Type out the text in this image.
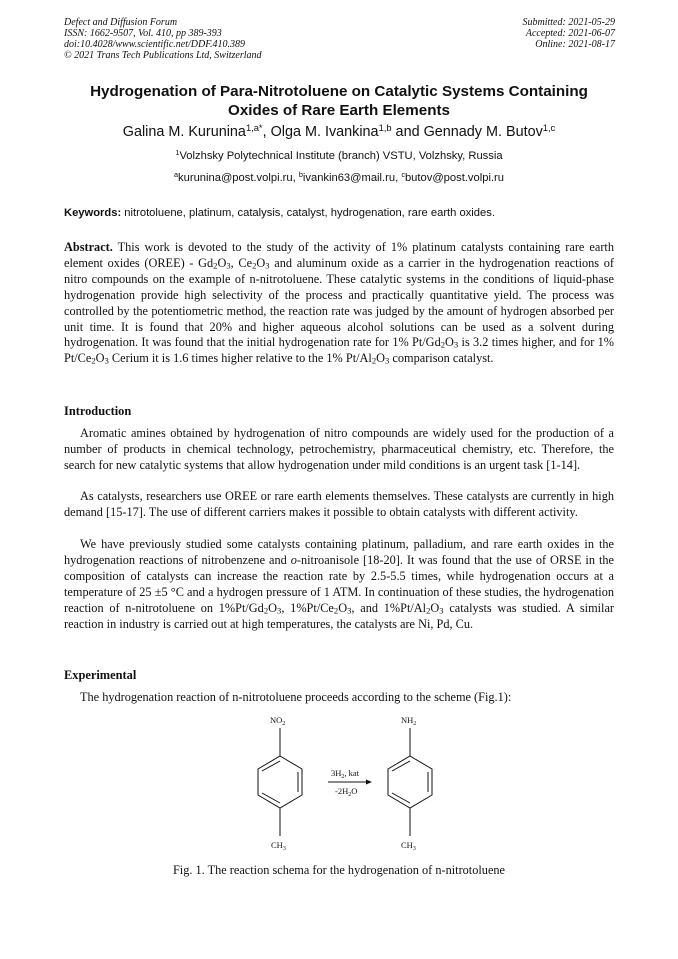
Defect and Diffusion Forum
ISSN: 1662-9507, Vol. 410, pp 389-393
doi:10.4028/www.scientific.net/DDF.410.389
© 2021 Trans Tech Publications Ltd, Switzerland
Submitted: 2021-05-29
Accepted: 2021-06-07
Online: 2021-08-17
Hydrogenation of Para-Nitrotoluene on Catalytic Systems Containing
Oxides of Rare Earth Elements
Galina M. Kurunina$^{1,a*}$, Olga M. Ivankina$^{1,b}$ and Gennady M. Butov$^{1,c}$
$^1$Volzhsky Polytechnical Institute (branch) VSTU, Volzhsky, Russia
$^a$kurunina@post.volpi.ru, $^b$ivankin63@mail.ru, $^c$butov@post.volpi.ru
Keywords: nitrotoluene, platinum, catalysis, catalyst, hydrogenation, rare earth oxides.
Abstract. This work is devoted to the study of the activity of 1% platinum catalysts containing rare earth element oxides (OREE) - $Gd_2O_3$, $Ce_2O_3$ and aluminum oxide as a carrier in the hydrogenation reactions of nitro compounds on the example of n-nitrotoluene. These catalytic systems in the conditions of liquid-phase hydrogenation provide high selectivity of the process and practically quantitative yield. The process was controlled by the potentiometric method, the reaction rate was judged by the amount of hydrogen absorbed per unit time. It is found that 20% and higher aqueous alcohol solutions can be used as a solvent during hydrogenation. It was found that the initial hydrogenation rate for 1% $Pt/Gd_2O_3$ is 3.2 times higher, and for 1% $Pt/Ce_2O_3$ Cerium it is 1.6 times higher relative to the 1% $Pt/Al_2O_3$ comparison catalyst.
Introduction
Aromatic amines obtained by hydrogenation of nitro compounds are widely used for the production of a number of products in chemical technology, petrochemistry, pharmaceutical chemistry, etc. Therefore, the search for new catalytic systems that allow hydrogenation under mild conditions is an urgent task [1-14].
As catalysts, researchers use OREE or rare earth elements themselves. These catalysts are currently in high demand [15-17]. The use of different carriers makes it possible to obtain catalysts with different activity.
We have previously studied some catalysts containing platinum, palladium, and rare earth oxides in the hydrogenation reactions of nitrobenzene and o-nitroanisole [18-20]. It was found that the use of ORSE in the composition of catalysts can increase the reaction rate by 2.5-5.5 times, while hydrogenation occurs at a temperature of 25 ±5 °C and a hydrogen pressure of 1 ATM. In continuation of these studies, the hydrogenation reaction of n-nitrotoluene on $1\%Pt/Gd_2O_3$, $1\%Pt/Ce_2O_3$, and $1\%Pt/Al_2O_3$ catalysts was studied. A similar reaction in industry is carried out at high temperatures, the catalysts are Ni, Pd, Cu.
Experimental
The hydrogenation reaction of n-nitrotoluene proceeds according to the scheme (Fig.1):
$NO_2$
$CH_3$
$3H_2$, kat
$-2H_2O$
$NH_2$
$CH_3$
Fig. 1. The reaction schema for the hydrogenation of n-nitrotoluene
